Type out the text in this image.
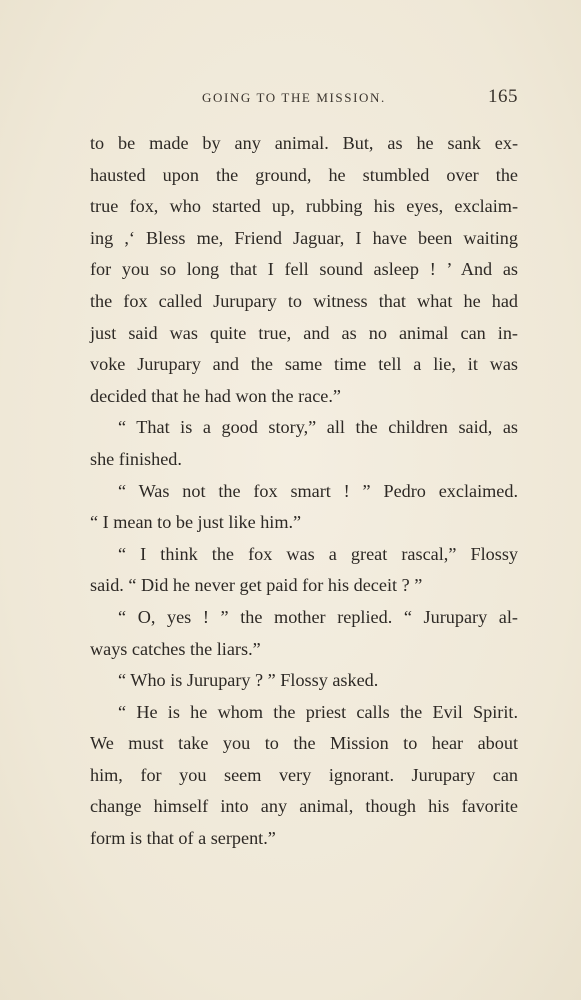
GOING TO THE MISSION.	165
to be made by any animal. But, as he sank ex-
hausted upon the ground, he stumbled over the
true fox, who started up, rubbing his eyes, exclaim-
ing ,‘ Bless me, Friend Jaguar, I have been waiting
for you so long that I fell sound asleep ! ’ And as
the fox called Jurupary to witness that what he had
just said was quite true, and as no animal can in-
voke Jurupary and the same time tell a lie, it was
decided that he had won the race.”
“ That is a good story,” all the children said, as
she finished.
“ Was not the fox smart ! ” Pedro exclaimed.
“ I mean to be just like him.”
“ I think the fox was a great rascal,” Flossy
said. “ Did he never get paid for his deceit ? ”
“ O, yes ! ” the mother replied. “ Jurupary al-
ways catches the liars.”
“ Who is Jurupary ? ” Flossy asked.
“ He is he whom the priest calls the Evil Spirit.
We must take you to the Mission to hear about
him, for you seem very ignorant. Jurupary can
change himself into any animal, though his favorite
form is that of a serpent.”
